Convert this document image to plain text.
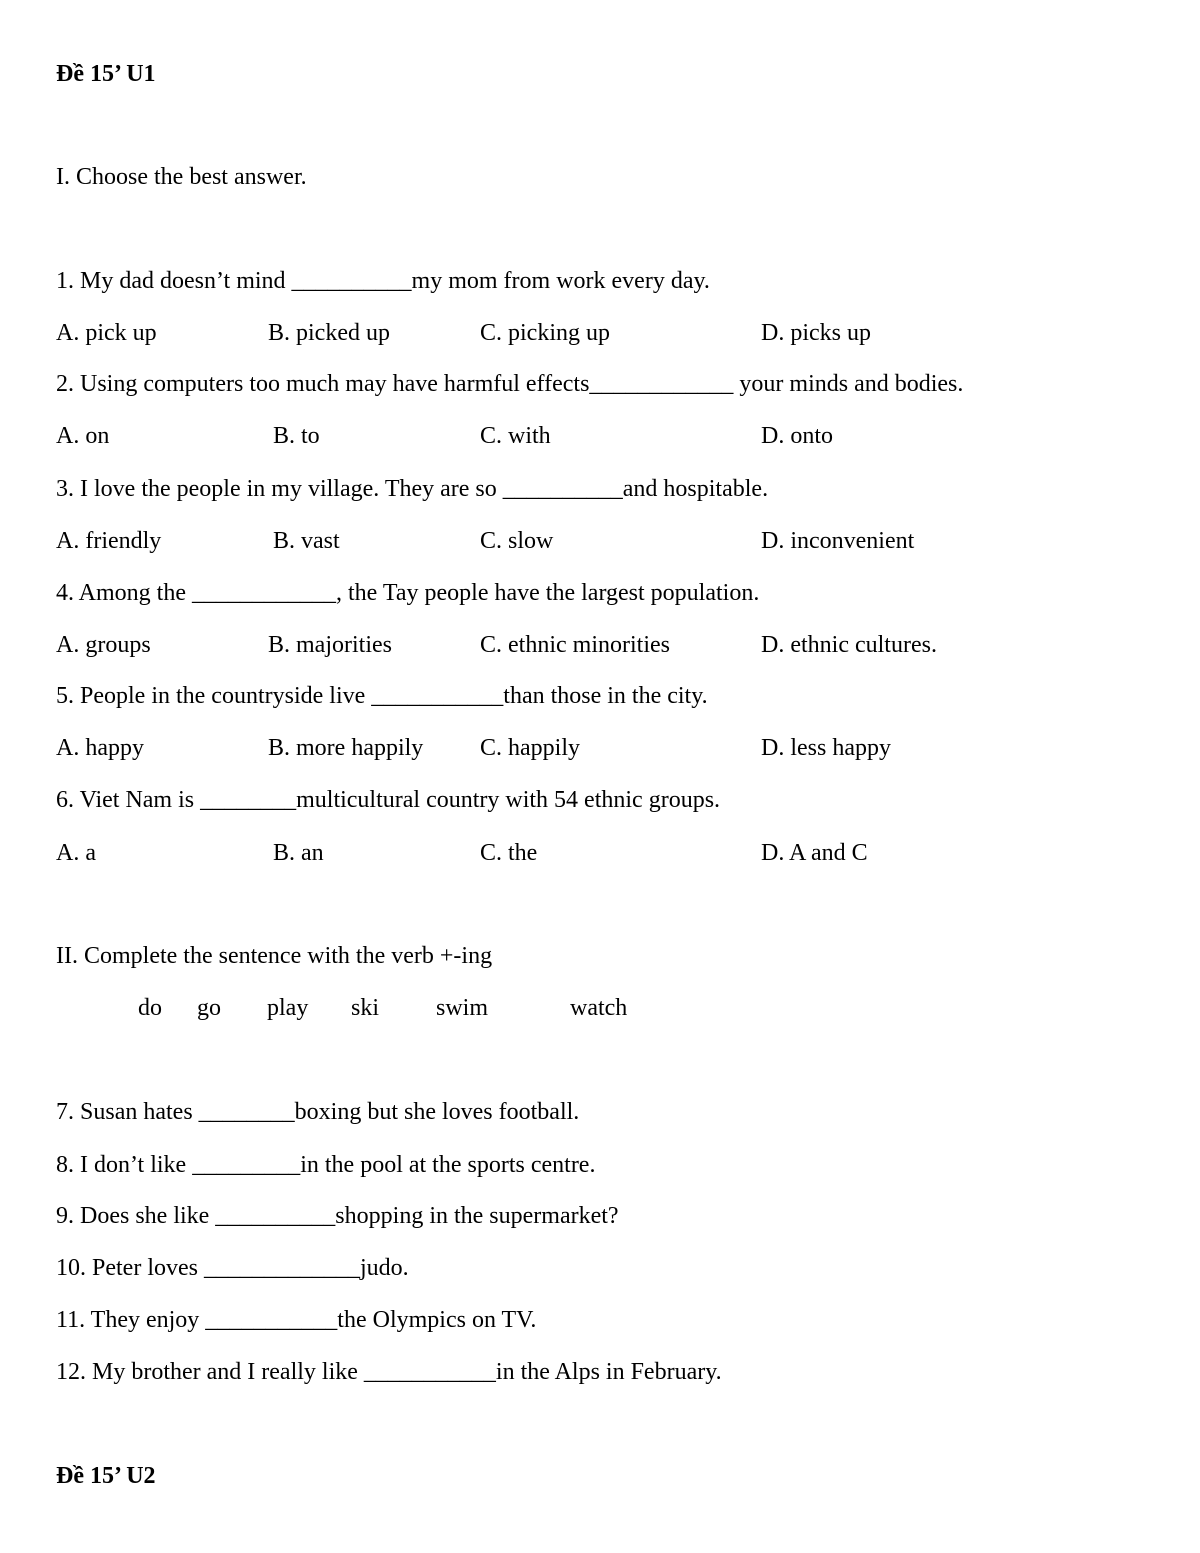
Đề 15’ U1
I. Choose the best answer.
1. My dad doesn’t mind __________my mom from work every day.
A. pick up	B. picked up	C. picking up	D. picks up
2. Using computers too much may have harmful effects____________ your minds and bodies.
A. on	B. to	C. with	D. onto
3. I love the people in my village. They are so __________and hospitable.
A. friendly	B. vast	C. slow	D. inconvenient
4. Among the ____________, the Tay people have the largest population.
A. groups	B. majorities	C. ethnic minorities	D. ethnic cultures.
5. People in the countryside live ___________than those in the city.
A. happy	B. more happily C. happily	D. less happy
6. Viet Nam is ________multicultural country with 54 ethnic groups.
A. a	B. an	C. the	D. A and C
II. Complete the sentence with the verb +-ing
do go play ski swim	watch
7. Susan hates ________boxing but she loves football.
8. I don’t like _________in the pool at the sports centre.
9. Does she like __________shopping in the supermarket?
10. Peter loves _____________judo.
11. They enjoy ___________the Olympics on TV.
12. My brother and I really like ___________in the Alps in February.
Đề 15’ U2
